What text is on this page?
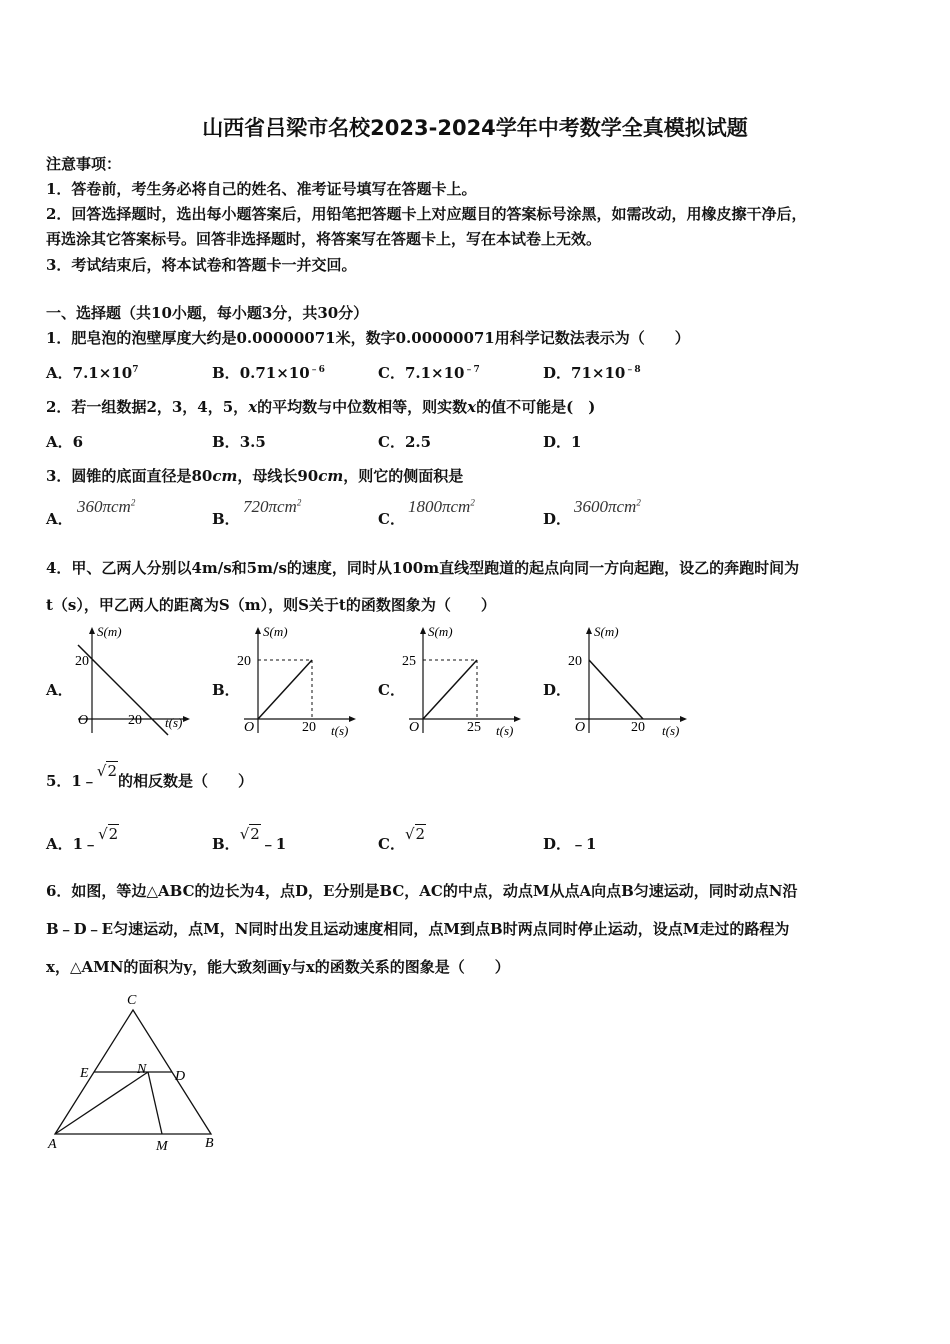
山西省吕梁市名校2023-2024学年中考数学全真模拟试题
注意事项：
1．答卷前，考生务必将自己的姓名、准考证号填写在答题卡上。
2．回答选择题时，选出每小题答案后，用铅笔把答题卡上对应题目的答案标号涂黑，如需改动，用橡皮擦干净后，
再选涂其它答案标号。回答非选择题时，将答案写在答题卡上，写在本试卷上无效。
3．考试结束后，将本试卷和答题卡一并交回。
一、选择题（共10小题，每小题3分，共30分）
1．肥皂泡的泡壁厚度大约是0.00000071米，数字0.00000071用科学记数法表示为（　　）
A．$7.1\times 10^7$	B．$0.71\times 10^{﹣6}$	C．$7.1\times 10^{﹣7}$	D．$71\times 10^{﹣8}$
2．若一组数据2，3，4，5，x的平均数与中位数相等，则实数x的值不可能是(　)
A．6	B．3.5	C．2.5	D．1
3．圆锥的底面直径是80cm，母线长90cm，则它的侧面积是
A．
360πcm$^2$
B．
720πcm$^2$
C．
1800πcm$^2$
D．
3600πcm$^2$
4．甲、乙两人分别以4m/s和5m/s的速度，同时从100m直线型跑道的起点向同一方向起跑，设乙的奔跑时间为
t（s），甲乙两人的距离为S（m），则S关于t的函数图象为（　　）
A．
S(m)
20
O	20 t(s)
B．
S(m)
20
O	20 t(s)
C．
S(m)
25
O	25 t(s)
D．
S(m)
20
O	20 t(s)
5．1﹣√2的相反数是（　　）
A．1﹣√2
B．√2﹣1	C．√2
D．﹣1
6．如图，等边△ABC的边长为4，点D，E分别是BC，AC的中点，动点M从点A向点B匀速运动，同时动点N沿
B﹣D﹣E匀速运动，点M，N同时出发且运动速度相同，点M到点B时两点同时停止运动，设点M走过的路程为
x，△AMN的面积为y，能大致刻画y与x的函数关系的图象是（　　）
C
E	N D
A	M	B
